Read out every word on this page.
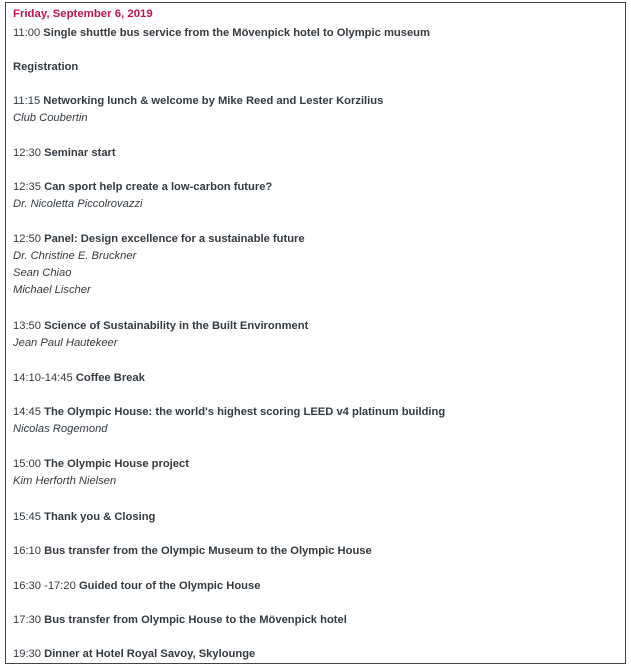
Friday, September 6, 2019
11:00 Single shuttle bus service from the Mövenpick hotel to Olympic museum
Registration
11:15 Networking lunch & welcome by Mike Reed and Lester Korzilius
Club Coubertin
12:30 Seminar start
12:35 Can sport help create a low-carbon future?
Dr. Nicoletta Piccolrovazzi
12:50 Panel: Design excellence for a sustainable future
Dr. Christine E. Bruckner
Sean Chiao
Michael Lischer
13:50 Science of Sustainability in the Built Environment
Jean Paul Hautekeer
14:10-14:45 Coffee Break
14:45 The Olympic House: the world's highest scoring LEED v4 platinum building
Nicolas Rogemond
15:00 The Olympic House project
Kim Herforth Nielsen
15:45 Thank you & Closing
16:10 Bus transfer from the Olympic Museum to the Olympic House
16:30 -17:20 Guided tour of the Olympic House
17:30 Bus transfer from Olympic House to the Mövenpick hotel
19:30 Dinner at Hotel Royal Savoy, Skylounge
